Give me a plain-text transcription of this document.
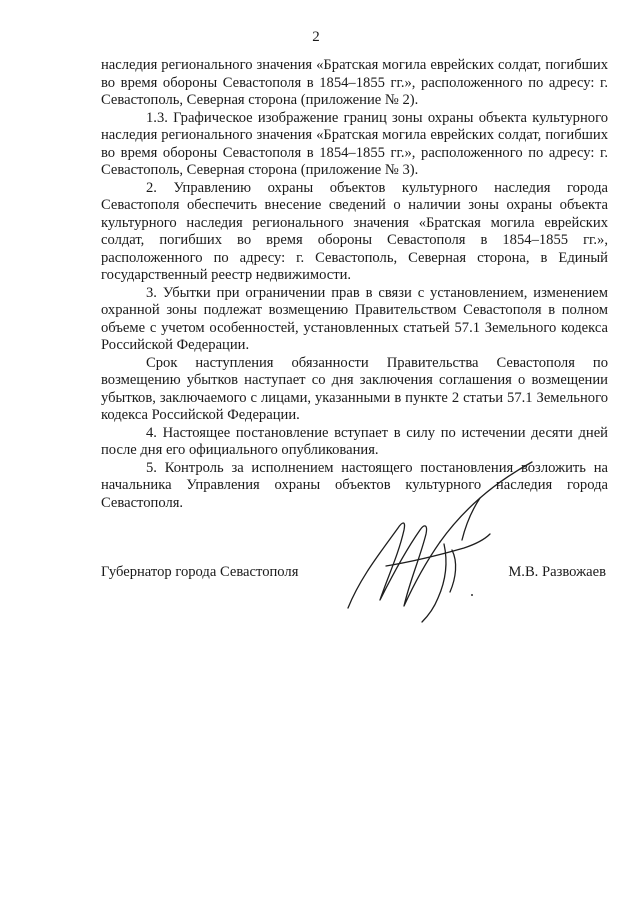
2

наследия регионального значения «Братская могила еврейских солдат, погибших во время обороны Севастополя в 1854–1855 гг.», расположенного по адресу: г. Севастополь, Северная сторона (приложение № 2).

1.3. Графическое изображение границ зоны охраны объекта культурного наследия регионального значения «Братская могила еврейских солдат, погибших во время обороны Севастополя в 1854–1855 гг.», расположенного по адресу: г. Севастополь, Северная сторона (приложение № 3).

2. Управлению охраны объектов культурного наследия города Севастополя обеспечить внесение сведений о наличии зоны охраны объекта культурного наследия регионального значения «Братская могила еврейских солдат, погибших во время обороны Севастополя в 1854–1855 гг.», расположенного по адресу: г. Севастополь, Северная сторона, в Единый государственный реестр недвижимости.

3. Убытки при ограничении прав в связи с установлением, изменением охранной зоны подлежат возмещению Правительством Севастополя в полном объеме с учетом особенностей, установленных статьей 57.1 Земельного кодекса Российской Федерации.

Срок наступления обязанности Правительства Севастополя по возмещению убытков наступает со дня заключения соглашения о возмещении убытков, заключаемого с лицами, указанными в пункте 2 статьи 57.1 Земельного кодекса Российской Федерации.

4. Настоящее постановление вступает в силу по истечении десяти дней после дня его официального опубликования.

5. Контроль за исполнением настоящего постановления возложить на начальника Управления охраны объектов культурного наследия города Севастополя.

Губернатор города Севастополя	М.В. Развожаев
